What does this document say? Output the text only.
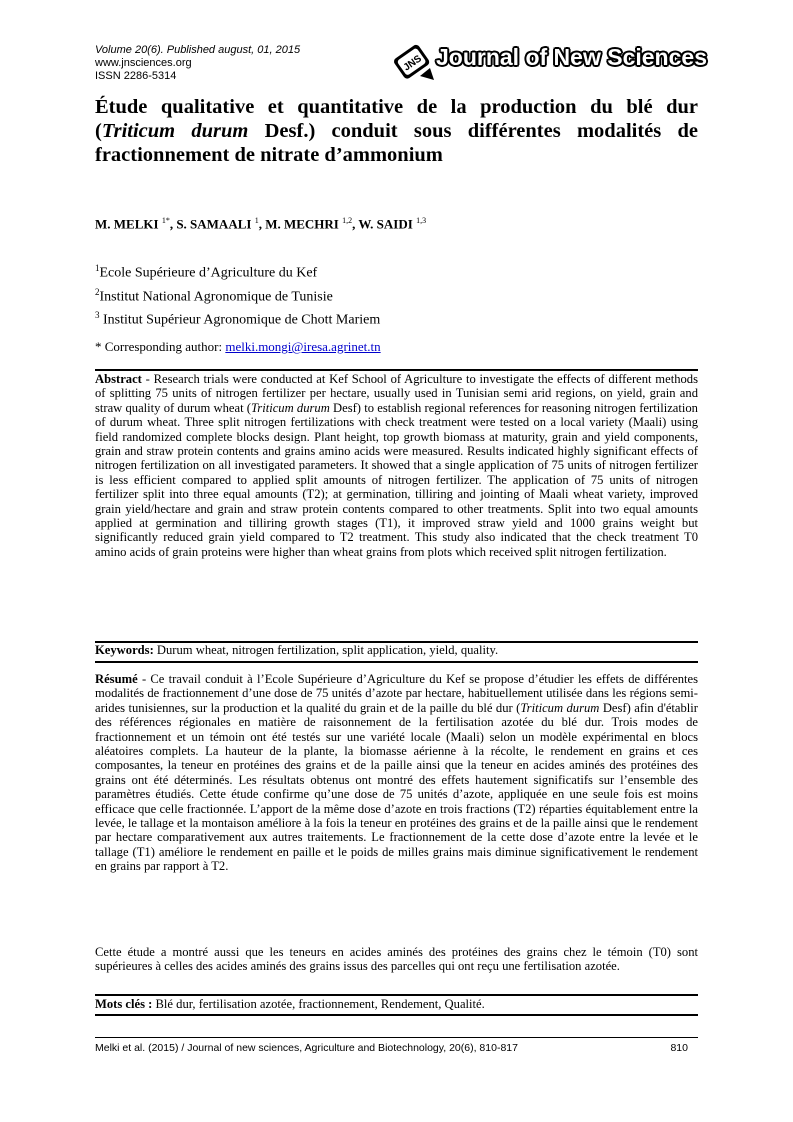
Volume 20(6). Published august, 01, 2015
www.jnsciences.org
ISSN 2286-5314
JNS Journal of New Sciences
Étude qualitative et quantitative de la production du blé dur (Triticum durum Desf.) conduit sous différentes modalités de fractionnement de nitrate d’ammonium
M. MELKI $^{1*}$, S. SAMAALI $^1$, M. MECHRI $^{1,2}$, W. SAIDI $^{1,3}$
$^1$Ecole Supérieure d’Agriculture du Kef
$^2$Institut National Agronomique de Tunisie
$^3$ Institut Supérieur Agronomique de Chott Mariem
* Corresponding author: melki.mongi@iresa.agrinet.tn
Abstract - Research trials were conducted at Kef School of Agriculture to investigate the effects of different methods of splitting 75 units of nitrogen fertilizer per hectare, usually used in Tunisian semi arid regions, on yield, grain and straw quality of durum wheat (Triticum durum Desf) to establish regional references for reasoning nitrogen fertilization of durum wheat. Three split nitrogen fertilizations with check treatment were tested on a local variety (Maali) using field randomized complete blocks design. Plant height, top growth biomass at maturity, grain and yield components, grain and straw protein contents and grains amino acids were measured. Results indicated highly significant effects of nitrogen fertilization on all investigated parameters. It showed that a single application of 75 units of nitrogen fertilizer is less efficient compared to applied split amounts of nitrogen fertilizer. The application of 75 units of nitrogen fertilizer split into three equal amounts (T2); at germination, tilliring and jointing of Maali wheat variety, improved grain yield/hectare and grain and straw protein contents compared to other treatments. Split into two equal amounts applied at germination and tilliring growth stages (T1), it improved straw yield and 1000 grains weight but significantly reduced grain yield compared to T2 treatment. This study also indicated that the check treatment T0 amino acids of grain proteins were higher than wheat grains from plots which received split nitrogen fertilization.
Keywords: Durum wheat, nitrogen fertilization, split application, yield, quality.
Résumé - Ce travail conduit à l’Ecole Supérieure d’Agriculture du Kef se propose d’étudier les effets de différentes modalités de fractionnement d’une dose de 75 unités d’azote par hectare, habituellement utilisée dans les régions semi-arides tunisiennes, sur la production et la qualité du grain et de la paille du blé dur (Triticum durum Desf) afin d'établir des références régionales en matière de raisonnement de la fertilisation azotée du blé dur. Trois modes de fractionnement et un témoin ont été testés sur une variété locale (Maali) selon un modèle expérimental en blocs aléatoires complets. La hauteur de la plante, la biomasse aérienne à la récolte, le rendement en grains et ces composantes, la teneur en protéines des grains et de la paille ainsi que la teneur en acides aminés des protéines des grains ont été déterminés. Les résultats obtenus ont montré des effets hautement significatifs sur l’ensemble des paramètres étudiés. Cette étude confirme qu’une dose de 75 unités d’azote, appliquée en une seule fois est moins efficace que celle fractionnée. L’apport de la même dose d’azote en trois fractions (T2) réparties équitablement entre la levée, le tallage et la montaison améliore à la fois la teneur en protéines des grains et de la paille ainsi que le rendement par hectare comparativement aux autres traitements. Le fractionnement de la cette dose d’azote entre la levée et le tallage (T1) améliore le rendement en paille et le poids de milles grains mais diminue significativement le rendement en grains par rapport à T2.
Cette étude a montré aussi que les teneurs en acides aminés des protéines des grains chez le témoin (T0) sont supérieures à celles des acides aminés des grains issus des parcelles qui ont reçu une fertilisation azotée.
Mots clés : Blé dur, fertilisation azotée, fractionnement, Rendement, Qualité.
Melki et al. (2015) / Journal of new sciences, Agriculture and Biotechnology, 20(6), 810-817	810
